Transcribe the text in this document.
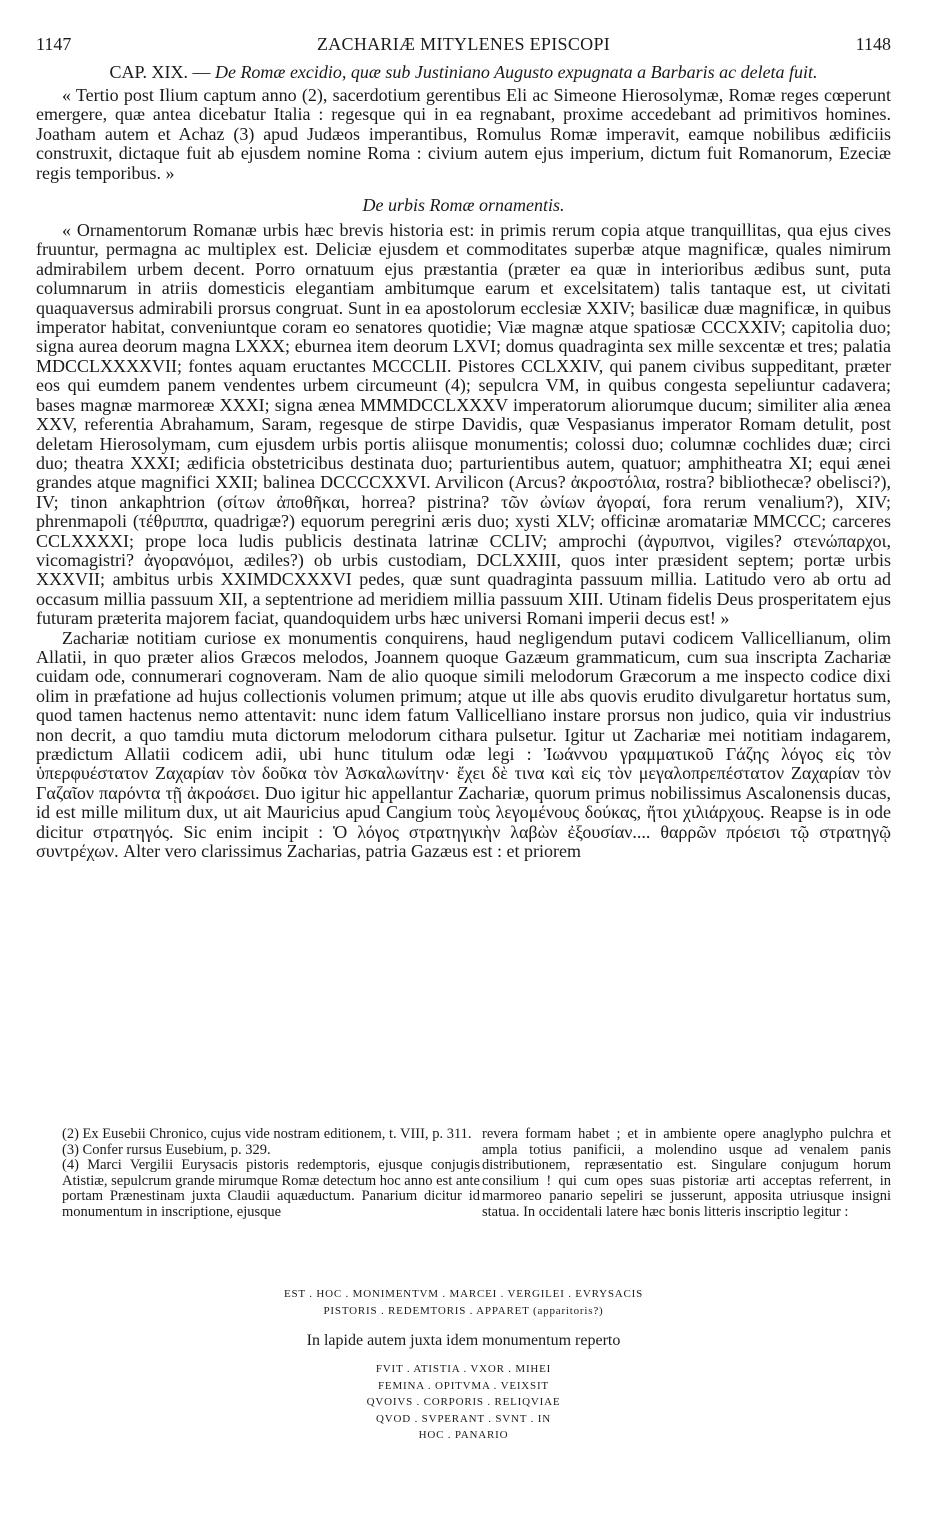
1147	ZACHARIÆ MITYLENES EPISCOPI	1148

CAP. XIX. — De Romæ excidio, quæ sub Justiniano Augusto expugnata a Barbaris ac deleta fuit.

« Tertio post Ilium captum anno (2), sacerdotium gerentibus Eli ac Simeone Hierosolymæ, Romæ reges cœperunt emergere, quæ antea dicebatur Italia : regesque qui in ea regnabant, proxime accedebant ad primitivos homines. Joatham autem et Achaz (3) apud Judæos imperantibus, Romulus Romæ imperavit, eamque nobilibus ædificiis construxit, dictaque fuit ab ejusdem nomine Roma : civium autem ejus imperium, dictum fuit Romanorum, Ezeciæ regis temporibus. »

De urbis Romæ ornamentis.

« Ornamentorum Romanæ urbis hæc brevis historia est: in primis rerum copia atque tranquillitas, qua ejus cives fruuntur, permagna ac multiplex est. Deliciæ ejusdem et commoditates superbæ atque magnificæ, quales nimirum admirabilem urbem decent. Porro ornatuum ejus præstantia (præter ea quæ in interioribus ædibus sunt, puta columnarum in atriis domesticis elegantiam ambitumque earum et excelsitatem) talis tantaque est, ut civitati quaquaversus admirabili prorsus congruat. Sunt in ea apostolorum ecclesiæ XXIV; basilicæ duæ magnificæ, in quibus imperator habitat, conveniuntque coram eo senatores quotidie; Viæ magnæ atque spatiosæ CCCXXIV; capitolia duo; signa aurea deorum magna LXXX; eburnea item deorum LXVI; domus quadraginta sex mille sexcentæ et tres; palatia MDCCLXXXXVII; fontes aquam eructantes MCCCLII. Pistores CCLXXIV, qui panem civibus suppeditant, præter eos qui eumdem panem vendentes urbem circumeunt (4); sepulcra VM, in quibus congesta sepeliuntur cadavera; bases magnæ marmoreæ XXXI; signa ænea MMMDCCLXXXV imperatorum aliorumque ducum; similiter alia ænea XXV, referentia Abrahamum, Saram, regesque de stirpe Davidis, quæ Vespasianus imperator Romam detulit, post deletam Hierosolymam, cum ejusdem urbis portis aliisque monumentis; colossi duo; columnæ cochlides duæ; circi duo; theatra XXXI; ædificia obstetricibus destinata duo; parturientibus autem, quatuor; amphitheatra XI; equi ænei grandes atque magnifici XXII; balinea DCCCCXXVI. Arvilicon (Arcus? ἀκροστόλια, rostra? bibliothecæ? obelisci?), IV; tinon ankaphtrion (σίτων ἀποθῆκαι, horrea? pistrina? τῶν ὠνίων ἀγοραί, fora rerum venalium?), XIV; phrenmapoli (τέθριππα, quadrigæ?) equorum peregrini æris duo; xysti XLV; officinæ aromatariæ MMCCC; carceres CCLXXXXI; prope loca ludis publicis destinata latrinæ CCLIV; amprochi (ἀγρυπνοι, vigiles? στενώπαρχοι, vicomagistri? ἀγορανόμοι, ædiles?) ob urbis custodiam, DCLXXIII, quos inter præsident septem; portæ urbis XXXVII; ambitus urbis XXIMDCXXXVI pedes, quæ sunt quadraginta passuum millia. Latitudo vero ab ortu ad occasum millia passuum XII, a septentrione ad meridiem millia passuum XIII. Utinam fidelis Deus prosperitatem ejus futuram præterita majorem faciat, quandoquidem urbs hæc universi Romani imperii decus est! »

Zachariæ notitiam curiose ex monumentis conquirens, haud negligendum putavi codicem Vallicellianum, olim Allatii, in quo præter alios Græcos melodos, Joannem quoque Gazæum grammaticum, cum sua inscripta Zachariæ cuidam ode, connumerari cognoveram. Nam de alio quoque simili melodorum Græcorum a me inspecto codice dixi olim in præfatione ad hujus collectionis volumen primum; atque ut ille abs quovis erudito divulgaretur hortatus sum, quod tamen hactenus nemo attentavit: nunc idem fatum Vallicelliano instare prorsus non judico, quia vir industrius non decrit, a quo tamdiu muta dictorum melodorum cithara pulsetur. Igitur ut Zachariæ mei notitiam indagarem, prædictum Allatii codicem adii, ubi hunc titulum odæ legi : Ἰωάννου γραμματικοῦ Γάζης λόγος εἰς τὸν ὑπερφυέστατον Ζαχαρίαν τὸν δοῦκα τὸν Ἀσκαλωνίτην· ἔχει δὲ τινα καὶ εἰς τὸν μεγαλοπρεπέστατον Ζαχαρίαν τὸν Γαζαῖον παρόντα τῇ ἀκροάσει. Duo igitur hic appellantur Zachariæ, quorum primus nobilissimus Ascalonensis ducas, id est mille militum dux, ut ait Mauricius apud Cangium τοὺς λεγομένους δούκας, ἤτοι χιλιάρχους. Reapse is in ode dicitur στρατηγός. Sic enim incipit : Ὁ λόγος στρατηγικὴν λαβὼν ἐξουσίαν.... θαρρῶν πρόεισι τῷ στρατηγῷ συντρέχων. Alter vero clarissimus Zacharias, patria Gazæus est : et priorem

(2) Ex Eusebii Chronico, cujus vide nostram editionem, t. VIII, p. 311.

(3) Confer rursus Eusebium, p. 329.

(4) Marci Vergilii Eurysacis pistoris redemptoris, ejusque conjugis Atistiæ, sepulcrum grande mirumque Romæ detectum hoc anno est ante portam Prænestinam juxta Claudii aquæductum. Panarium dicitur id monumentum in inscriptione, ejusque

revera formam habet ; et in ambiente opere anaglypho pulchra et ampla totius panificii, a molendino usque ad venalem panis distributionem, repræsentatio est. Singulare conjugum horum consilium ! qui cum opes suas pistoriæ arti acceptas referrent, in marmoreo panario sepeliri se jusserunt, apposita utriusque insigni statua. In occidentali latere hæc bonis litteris inscriptio legitur :

EST . HOC . MONIMENTVM . MARCEI . VERGILEI . EVRYSACIS
PISTORIS . REDEMTORIS . APPARET (apparitoris?)
In lapide autem juxta idem monumentum reperto
FVIT . ATISTIA . VXOR . MIHEI
FEMINA . OPITVMA . VEIXSIT
QVOIVS . CORPORIS . RELIQVIAE
QVOD . SVPERANT . SVNT . IN
HOC . PANARIO
